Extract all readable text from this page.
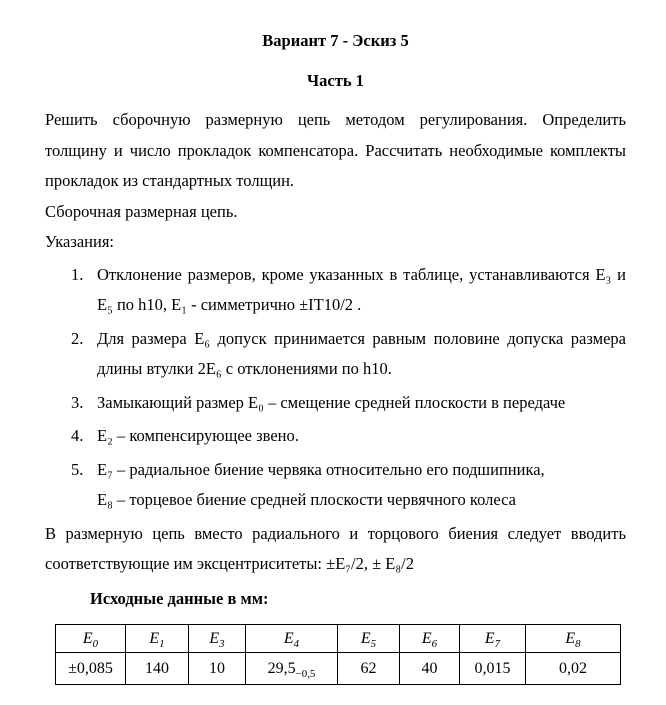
Вариант 7 - Эскиз 5
Часть 1

Решить сборочную размерную цепь методом регулирования. Определить толщину и число прокладок компенсатора. Рассчитать необходимые комплекты прокладок из стандартных толщин.

Сборочная размерная цепь.

Указания:

1. Отклонение размеров, кроме указанных в таблице, устанавливаются E₃ и E₅ по h10, E₁ - симметрично ±IT10/2 .
2. Для размера E₆ допуск принимается равным половине допуска размера длины втулки 2E₆ с отклонениями по h10.
3. Замыкающий размер E₀ – смещение средней плоскости в передаче
4. E₂ – компенсирующее звено.
5. E₇ – радиальное биение червяка относительно его подшипника,
E₈ – торцевое биение средней плоскости червячного колеса

В размерную цепь вместо радиального и торцового биения следует вводить соответствующие им эксцентриситеты: ±E₇/2, ± E₈/2

Исходные данные в мм:

$E_0$	$E_1$	$E_3$	$E_4$	$E_5$	$E_6$	$E_7$	$E_8$
±0,085	140	10	$29,5_{-0,5}$	62	40	0,015	0,02
